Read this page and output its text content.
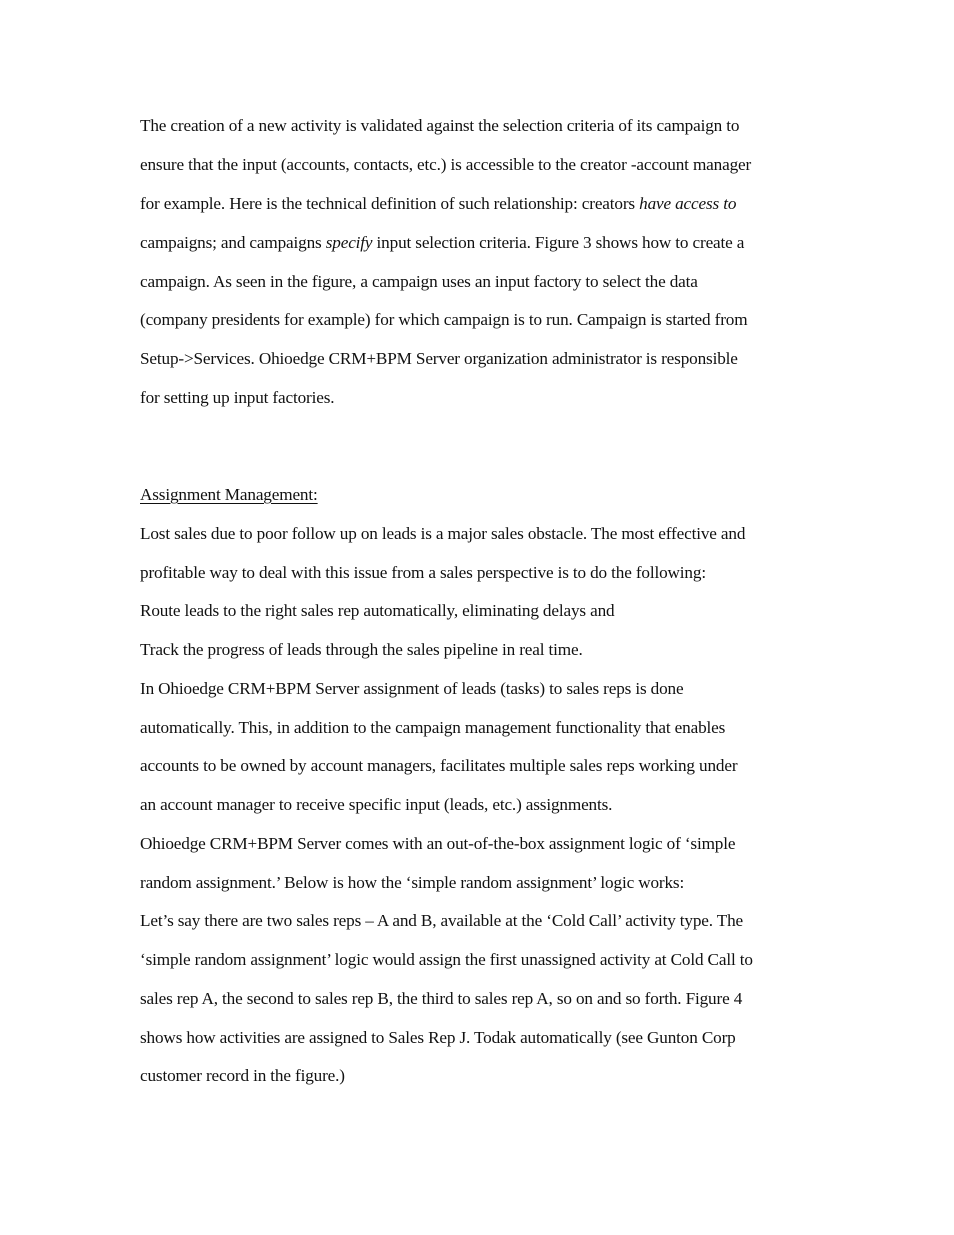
The creation of a new activity is validated against the selection criteria of its campaign to
ensure that the input (accounts, contacts, etc.) is accessible to the creator -account manager
for example. Here is the technical definition of such relationship: creators have access to
campaigns; and campaigns specify input selection criteria. Figure 3 shows how to create a
campaign. As seen in the figure, a campaign uses an input factory to select the data
(company presidents for example) for which campaign is to run. Campaign is started from
Setup->Services. Ohioedge CRM+BPM Server organization administrator is responsible
for setting up input factories.
Assignment Management:
Lost sales due to poor follow up on leads is a major sales obstacle. The most effective and
profitable way to deal with this issue from a sales perspective is to do the following:
Route leads to the right sales rep automatically, eliminating delays and
Track the progress of leads through the sales pipeline in real time.
In Ohioedge CRM+BPM Server assignment of leads (tasks) to sales reps is done
automatically. This, in addition to the campaign management functionality that enables
accounts to be owned by account managers, facilitates multiple sales reps working under
an account manager to receive specific input (leads, etc.) assignments.
Ohioedge CRM+BPM Server comes with an out-of-the-box assignment logic of ‘simple
random assignment.’ Below is how the ‘simple random assignment’ logic works:
Let’s say there are two sales reps – A and B, available at the ‘Cold Call’ activity type. The
‘simple random assignment’ logic would assign the first unassigned activity at Cold Call to
sales rep A, the second to sales rep B, the third to sales rep A, so on and so forth. Figure 4
shows how activities are assigned to Sales Rep J. Todak automatically (see Gunton Corp
customer record in the figure.)
